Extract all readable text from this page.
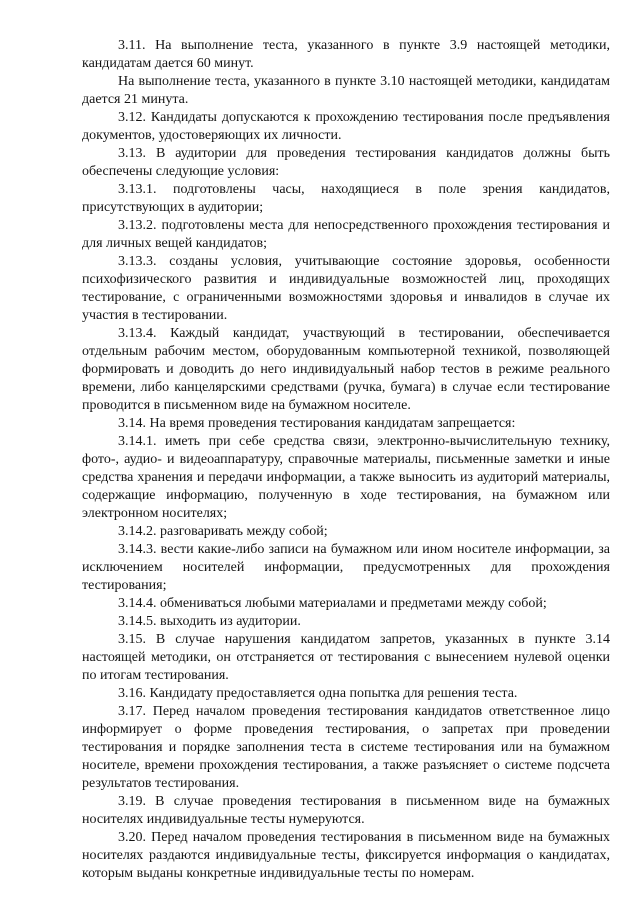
3.11. На выполнение теста, указанного в пункте 3.9 настоящей методики, кандидатам дается 60 минут.

На выполнение теста, указанного в пункте 3.10 настоящей методики, кандидатам дается 21 минута.

3.12. Кандидаты допускаются к прохождению тестирования после предъявления документов, удостоверяющих их личности.

3.13. В аудитории для проведения тестирования кандидатов должны быть обеспечены следующие условия:

3.13.1. подготовлены часы, находящиеся в поле зрения кандидатов, присутствующих в аудитории;

3.13.2. подготовлены места для непосредственного прохождения тестирования и для личных вещей кандидатов;

3.13.3. созданы условия, учитывающие состояние здоровья, особенности психофизического развития и индивидуальные возможностей лиц, проходящих тестирование, с ограниченными возможностями здоровья и инвалидов в случае их участия в тестировании.

3.13.4. Каждый кандидат, участвующий в тестировании, обеспечивается отдельным рабочим местом, оборудованным компьютерной техникой, позволяющей формировать и доводить до него индивидуальный набор тестов в режиме реального времени, либо канцелярскими средствами (ручка, бумага) в случае если тестирование проводится в письменном виде на бумажном носителе.

3.14. На время проведения тестирования кандидатам запрещается:

3.14.1. иметь при себе средства связи, электронно-вычислительную технику, фото-, аудио- и видеоаппаратуру, справочные материалы, письменные заметки и иные средства хранения и передачи информации, а также выносить из аудиторий материалы, содержащие информацию, полученную в ходе тестирования, на бумажном или электронном носителях;

3.14.2. разговаривать между собой;

3.14.3. вести какие-либо записи на бумажном или ином носителе информации, за исключением носителей информации, предусмотренных для прохождения тестирования;

3.14.4. обмениваться любыми материалами и предметами между собой;

3.14.5. выходить из аудитории.

3.15. В случае нарушения кандидатом запретов, указанных в пункте 3.14 настоящей методики, он отстраняется от тестирования с вынесением нулевой оценки по итогам тестирования.

3.16. Кандидату предоставляется одна попытка для решения теста.

3.17. Перед началом проведения тестирования кандидатов ответственное лицо информирует о форме проведения тестирования, о запретах при проведении тестирования и порядке заполнения теста в системе тестирования или на бумажном носителе, времени прохождения тестирования, а также разъясняет о системе подсчета результатов тестирования.

3.19. В случае проведения тестирования в письменном виде на бумажных носителях индивидуальные тесты нумеруются.

3.20. Перед началом проведения тестирования в письменном виде на бумажных носителях раздаются индивидуальные тесты, фиксируется информация о кандидатах, которым выданы конкретные индивидуальные тесты по номерам.
